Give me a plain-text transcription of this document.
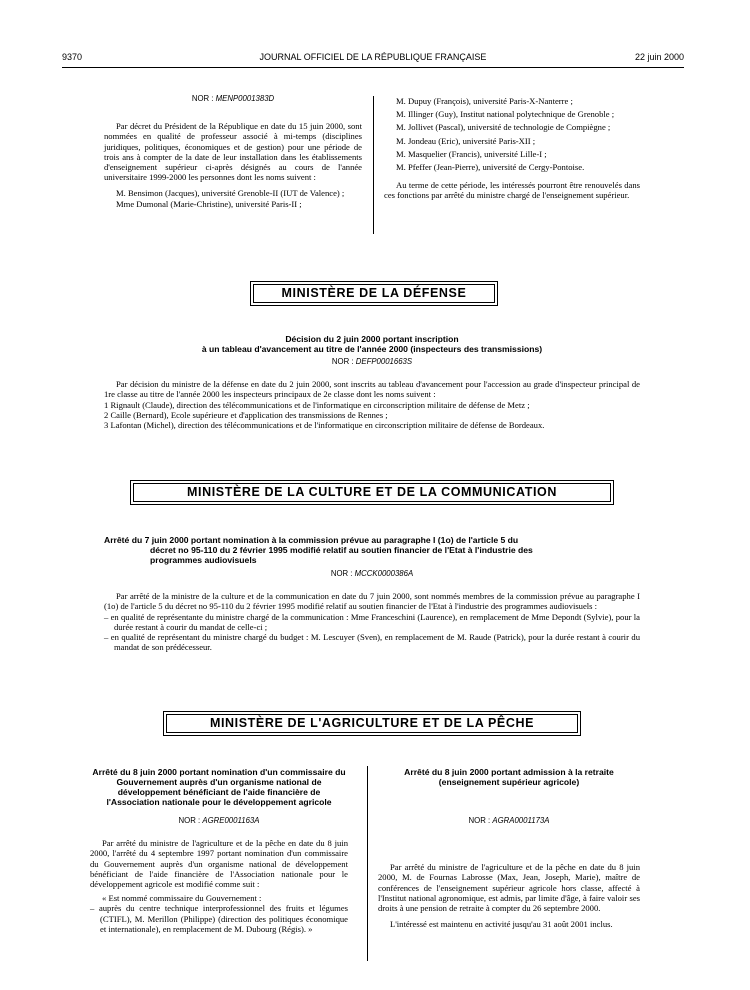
9370	JOURNAL OFFICIEL DE LA RÉPUBLIQUE FRANÇAISE	22 juin 2000

NOR : MENP0001383D

Par décret du Président de la République en date du 15 juin 2000, sont nommées en qualité de professeur associé à mi-temps (disciplines juridiques, politiques, économiques et de gestion) pour une période de trois ans à compter de la date de leur installation dans les établissements d'enseignement supérieur ci-après désignés au cours de l'année universitaire 1999-2000 les personnes dont les noms suivent :

M. Bensimon (Jacques), université Grenoble-II (IUT de Valence) ;

Mme Dumonal (Marie-Christine), université Paris-II ;

M. Dupuy (François), université Paris-X-Nanterre ;

M. Illinger (Guy), Institut national polytechnique de Grenoble ;

M. Jollivet (Pascal), université de technologie de Compiègne ;

M. Jondeau (Eric), université Paris-XII ;

M. Masquelier (Francis), université Lille-I ;

M. Pfeffer (Jean-Pierre), université de Cergy-Pontoise.

Au terme de cette période, les intéressés pourront être renouvelés dans ces fonctions par arrêté du ministre chargé de l'enseignement supérieur.

MINISTÈRE DE LA DÉFENSE
Décision du 2 juin 2000 portant inscription
à un tableau d'avancement au titre de l'année 2000 (inspecteurs des transmissions)

NOR : DEFP0001663S

Par décision du ministre de la défense en date du 2 juin 2000, sont inscrits au tableau d'avancement pour l'accession au grade d'inspecteur principal de 1re classe au titre de l'année 2000 les inspecteurs principaux de 2e classe dont les noms suivent :

1 Rignault (Claude), direction des télécommunications et de l'informatique en circonscription militaire de défense de Metz ;

2 Caille (Bernard), Ecole supérieure et d'application des transmissions de Rennes ;

3 Lafontan (Michel), direction des télécommunications et de l'informatique en circonscription militaire de défense de Bordeaux.

MINISTÈRE DE LA CULTURE ET DE LA COMMUNICATION
Arrêté du 7 juin 2000 portant nomination à la commission prévue au paragraphe I (1o) de l'article 5 du
décret no 95-110 du 2 février 1995 modifié relatif au soutien financier de l'Etat à l'industrie des
programmes audiovisuels

NOR : MCCK0000386A

Par arrêté de la ministre de la culture et de la communication en date du 7 juin 2000, sont nommés membres de la commission prévue au paragraphe I (1o) de l'article 5 du décret no 95-110 du 2 février 1995 modifié relatif au soutien financier de l'Etat à l'industrie des programmes audiovisuels :

– en qualité de représentante du ministre chargé de la communication : Mme Franceschini (Laurence), en remplacement de Mme Depondt (Sylvie), pour la durée restant à courir du mandat de celle-ci ;

– en qualité de représentant du ministre chargé du budget : M. Lescuyer (Sven), en remplacement de M. Raude (Patrick), pour la durée restant à courir du mandat de son prédécesseur.

MINISTÈRE DE L'AGRICULTURE ET DE LA PÊCHE
Arrêté du 8 juin 2000 portant nomination d'un commissaire du Gouvernement auprès d'un organisme national de développement bénéficiant de l'aide financière de l'Association nationale pour le développement agricole

NOR : AGRE0001163A

Par arrêté du ministre de l'agriculture et de la pêche en date du 8 juin 2000, l'arrêté du 4 septembre 1997 portant nomination d'un commissaire du Gouvernement auprès d'un organisme national de développement bénéficiant de l'aide financière de l'Association nationale pour le développement agricole est modifié comme suit :

« Est nommé commissaire du Gouvernement :

– auprès du centre technique interprofessionnel des fruits et légumes (CTIFL), M. Merillon (Philippe) (direction des politiques économique et internationale), en remplacement de M. Dubourg (Régis). »

Arrêté du 8 juin 2000 portant admission à la retraite
(enseignement supérieur agricole)

NOR : AGRA0001173A

Par arrêté du ministre de l'agriculture et de la pêche en date du 8 juin 2000, M. de Fournas Labrosse (Max, Jean, Joseph, Marie), maître de conférences de l'enseignement supérieur agricole hors classe, affecté à l'Institut national agronomique, est admis, par limite d'âge, à faire valoir ses droits à une pension de retraite à compter du 26 septembre 2000.

L'intéressé est maintenu en activité jusqu'au 31 août 2001 inclus.
